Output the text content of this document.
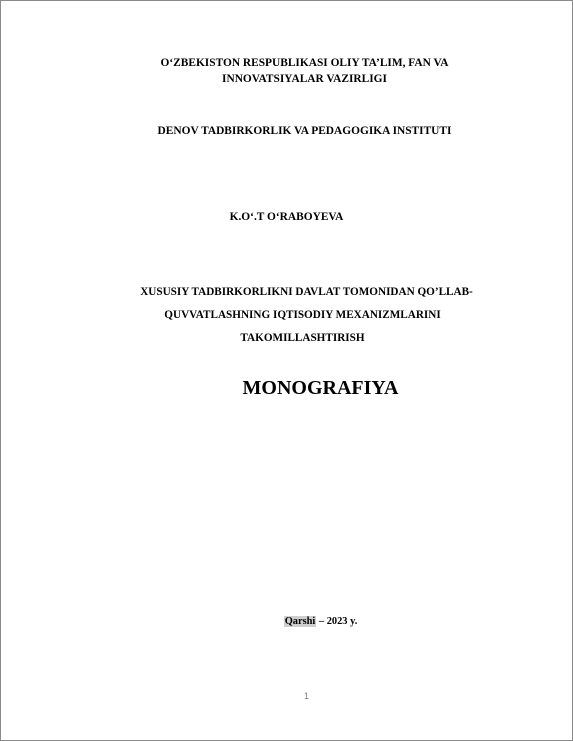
O‘ZBEKISTON RESPUBLIKASI OLIY TA’LIM, FAN VA
INNOVATSIYALAR VAZIRLIGI
DENOV TADBIRKORLIK VA PEDAGOGIKA INSTITUTI
K.O‘.T O‘RABOYEVA
XUSUSIY TADBIRKORLIKNI DAVLAT TOMONIDAN QO’LLAB-
QUVVATLASHNING IQTISODIY MEXANIZMLARINI
TAKOMILLASHTIRISH
MONOGRAFIYA
Qarshi – 2023 y.
1
